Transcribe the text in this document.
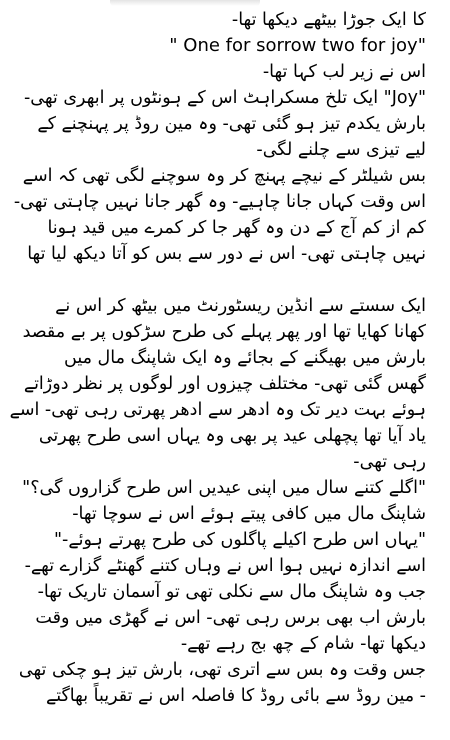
کا ایک جوڑا بیٹھے دیکھا تھا-
" One for sorrow two for joy"
اس نے زیر لب کہا تھا-
"Joy" ایک تلخ مسکراہٹ اس کے ہونٹوں پر ابھری تھی-
بارش یکدم تیز ہو گئی تھی- وہ مین روڈ پر پہنچنے کے
لیے تیزی سے چلنے لگی-
بس شیلٹر کے نیچے پہنچ کر وہ سوچنے لگی تھی کہ اسے
اس وقت کہاں جانا چاہیے- وہ گھر جانا نہیں چاہتی تھی-
کم از کم آج کے دن وہ گھر جا کر کمرے میں قید ہونا
نہیں چاہتی تھی- اس نے دور سے بس کو آتا دیکھ لیا تھا
ایک سستے سے انڈین ریسٹورنٹ میں بیٹھ کر اس نے
کھانا کھایا تھا اور پھر پہلے کی طرح سڑکوں پر بے مقصد
بارش میں بھیگنے کے بجائے وہ ایک شاپنگ مال میں
گھس گئی تھی- مختلف چیزوں اور لوگوں پر نظر دوڑاتے
ہوئے بہت دیر تک وہ ادھر سے ادھر پھرتی رہی تھی- اسے
یاد آیا تھا پچھلی عید پر بھی وہ یہاں اسی طرح پھرتی
رہی تھی-
"اگلے کتنے سال میں اپنی عیدیں اس طرح گزاروں گی؟"
شاپنگ مال میں کافی پیتے ہوئے اس نے سوچا تھا-
"یہاں اس طرح اکیلے پاگلوں کی طرح پھرتے ہوئے-"
اسے اندازہ نہیں ہوا اس نے وہاں کتنے گھنٹے گزارے تھے-
جب وہ شاپنگ مال سے نکلی تھی تو آسمان تاریک تھا-
بارش اب بھی برس رہی تھی- اس نے گھڑی میں وقت
دیکھا تھا- شام کے چھ بج رہے تھے-
جس وقت وہ بس سے اتری تھی، بارش تیز ہو چکی تھی
- مین روڈ سے بائی روڈ کا فاصلہ اس نے تقریباً بھاگتے
